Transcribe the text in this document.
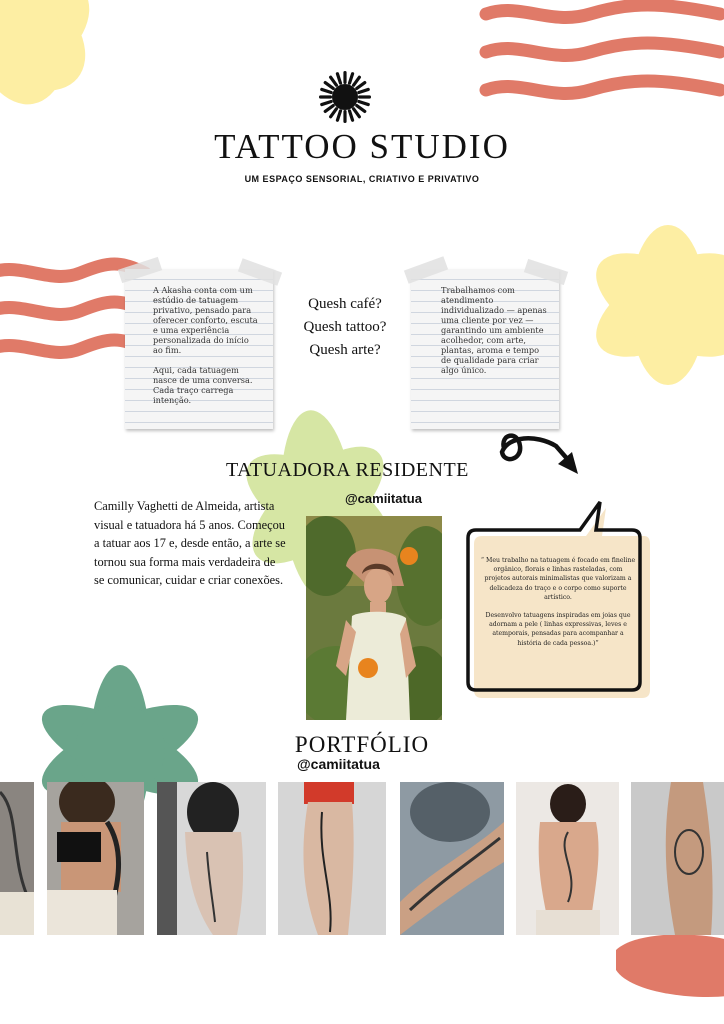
TATTOO STUDIO
UM ESPAÇO SENSORIAL, CRIATIVO E PRIVATIVO
A Akasha conta com um estúdio de tatuagem privativo, pensado para oferecer conforto, escuta e uma experiência personalizada do início ao fim.
Aqui, cada tatuagem nasce de uma conversa. Cada traço carrega intenção.
Quesh café?
Quesh tattoo?
Quesh arte?
Trabalhamos com atendimento individualizado — apenas uma cliente por vez — garantindo um ambiente acolhedor, com arte, plantas, aroma e tempo de qualidade para criar algo único.
TATUADORA RESIDENTE
@camiitatua
Camilly Vaghetti de Almeida, artista visual e tatuadora há 5 anos. Começou a tatuar aos 17 e, desde então, a arte se tornou sua forma mais verdadeira de se comunicar, cuidar e criar conexões.
“ Meu trabalho na tatuagem é focado em fineline orgânico, florais e linhas rasteladas, com projetos autorais minimalistas que valorizam a delicadeza do traço e o corpo como suporte artístico.
Desenvolvo tatuagens inspiradas em joias que adornam a pele ( linhas expressivas, leves e atemporais, pensadas para acompanhar a história de cada pessoa.)”
PORTFÓLIO
@camiitatua
